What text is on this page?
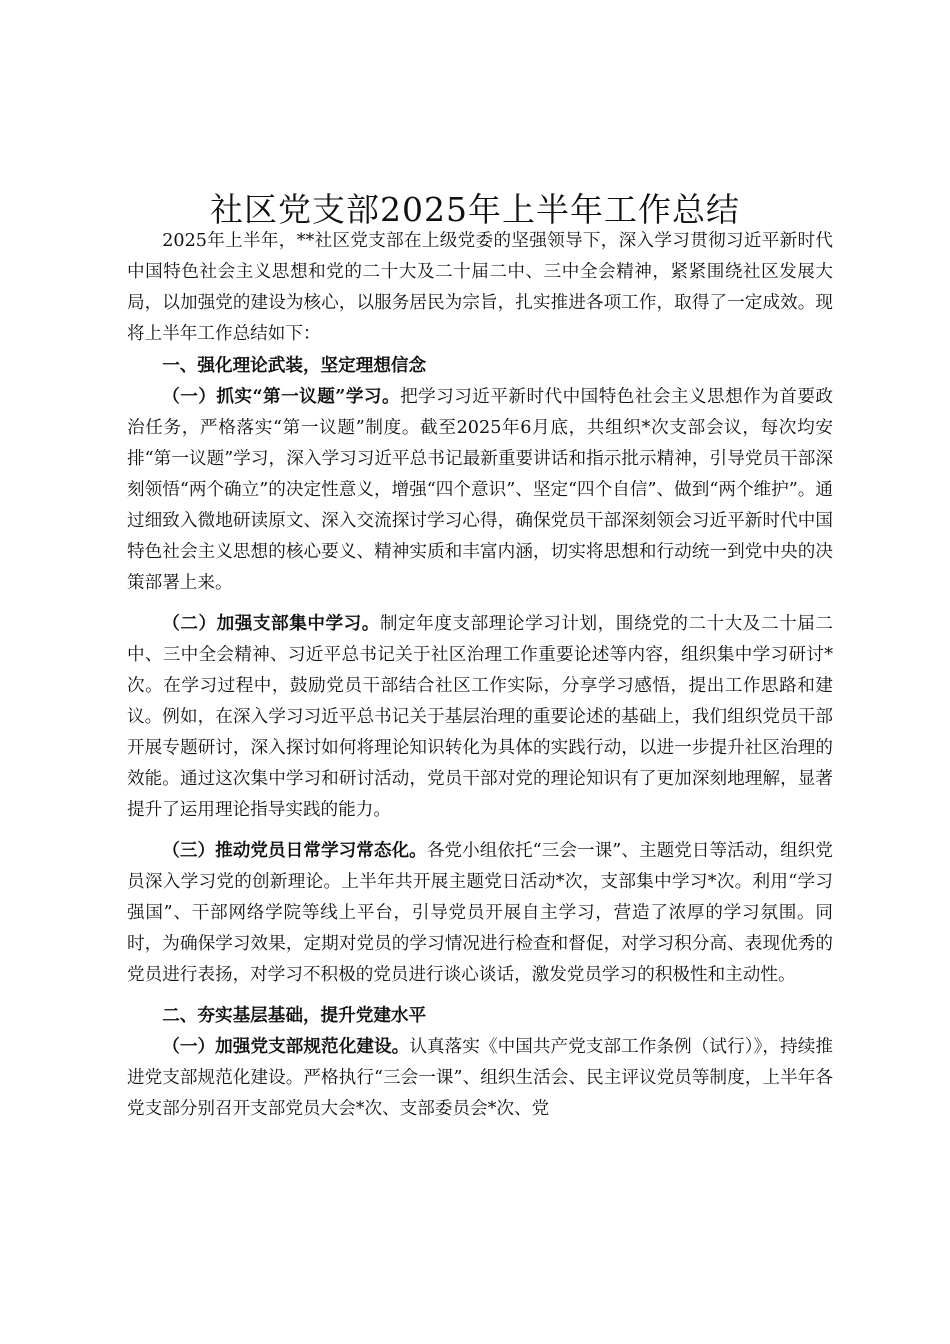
社区党支部2025年上半年工作总结

2025年上半年，**社区党支部在上级党委的坚强领导下，深入学习贯彻习近平新时代中国特色社会主义思想和党的二十大及二十届二中、三中全会精神，紧紧围绕社区发展大局，以加强党的建设为核心，以服务居民为宗旨，扎实推进各项工作，取得了一定成效。现将上半年工作总结如下：

一、强化理论武装，坚定理想信念

（一）抓实“第一议题”学习。把学习习近平新时代中国特色社会主义思想作为首要政治任务，严格落实“第一议题”制度。截至2025年6月底，共组织*次支部会议，每次均安排“第一议题”学习，深入学习习近平总书记最新重要讲话和指示批示精神，引导党员干部深刻领悟“两个确立”的决定性意义，增强“四个意识”、坚定“四个自信”、做到“两个维护”。通过细致入微地研读原文、深入交流探讨学习心得，确保党员干部深刻领会习近平新时代中国特色社会主义思想的核心要义、精神实质和丰富内涵，切实将思想和行动统一到党中央的决策部署上来。

（二）加强支部集中学习。制定年度支部理论学习计划，围绕党的二十大及二十届二中、三中全会精神、习近平总书记关于社区治理工作重要论述等内容，组织集中学习研讨*次。在学习过程中，鼓励党员干部结合社区工作实际，分享学习感悟，提出工作思路和建议。例如，在深入学习习近平总书记关于基层治理的重要论述的基础上，我们组织党员干部开展专题研讨，深入探讨如何将理论知识转化为具体的实践行动，以进一步提升社区治理的效能。通过这次集中学习和研讨活动，党员干部对党的理论知识有了更加深刻地理解，显著提升了运用理论指导实践的能力。

（三）推动党员日常学习常态化。各党小组依托“三会一课”、主题党日等活动，组织党员深入学习党的创新理论。上半年共开展主题党日活动*次，支部集中学习*次。利用“学习强国”、干部网络学院等线上平台，引导党员开展自主学习，营造了浓厚的学习氛围。同时，为确保学习效果，定期对党员的学习情况进行检查和督促，对学习积分高、表现优秀的党员进行表扬，对学习不积极的党员进行谈心谈话，激发党员学习的积极性和主动性。

二、夯实基层基础，提升党建水平

（一）加强党支部规范化建设。认真落实《中国共产党支部工作条例（试行）》，持续推进党支部规范化建设。严格执行“三会一课”、组织生活会、民主评议党员等制度，上半年各党支部分别召开支部党员大会*次、支部委员会*次、党
